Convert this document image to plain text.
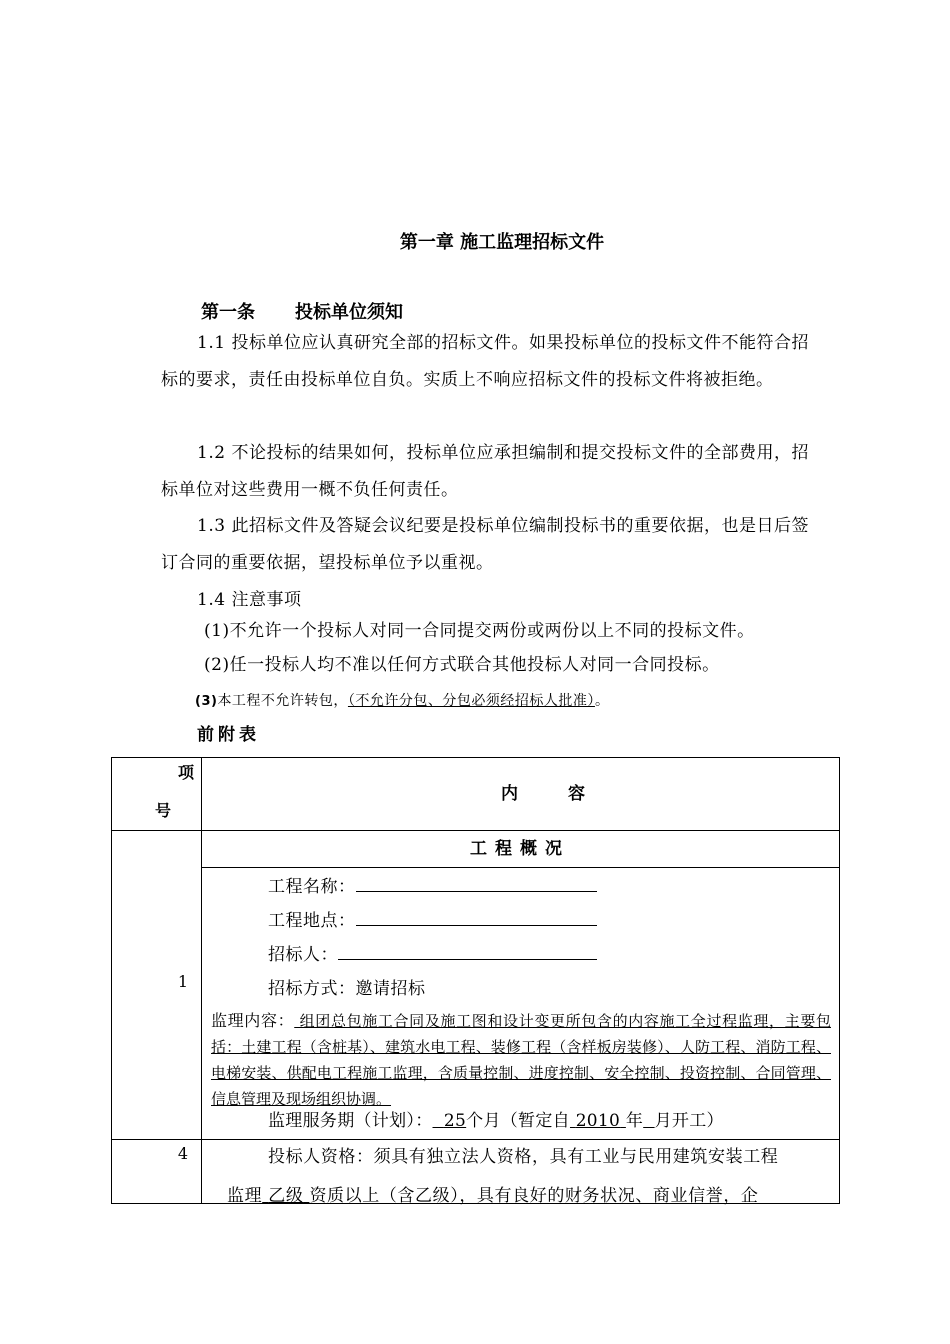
第一章 施工监理招标文件
第一条 投标单位须知
1.1 投标单位应认真研究全部的招标文件。如果投标单位的投标文件不能符合招标的要求，责任由投标单位自负。实质上不响应招标文件的投标文件将被拒绝。
1.2 不论投标的结果如何，投标单位应承担编制和提交投标文件的全部费用，招标单位对这些费用一概不负任何责任。
1.3 此招标文件及答疑会议纪要是投标单位编制投标书的重要依据，也是日后签订合同的重要依据，望投标单位予以重视。
1.4 注意事项
(1)不允许一个投标人对同一合同提交两份或两份以上不同的投标文件。
(2)任一投标人均不准以任何方式联合其他投标人对同一合同投标。
(3)本工程不允许转包，（不允许分包、分包必须经招标人批准）。
前附表
项
号
内容
工程概况
1
4
工程名称：
工程地点：
招标人：
招标方式：邀请招标
监理内容： 组团总包施工合同及施工图和设计变更所包含的内容施工全过程监理，主要包括：土建工程（含桩基）、建筑水电工程、装修工程（含样板房装修）、人防工程、消防工程、电梯安装、供配电工程施工监理，含质量控制、进度控制、安全控制、投资控制、合同管理、信息管理及现场组织协调。
监理服务期（计划）： 25个月（暂定自 2010 年 月开工）
投标人资格：须具有独立法人资格，具有工业与民用建筑安装工程
监理 乙级 资质以上（含乙级），具有良好的财务状况、商业信誉，企
